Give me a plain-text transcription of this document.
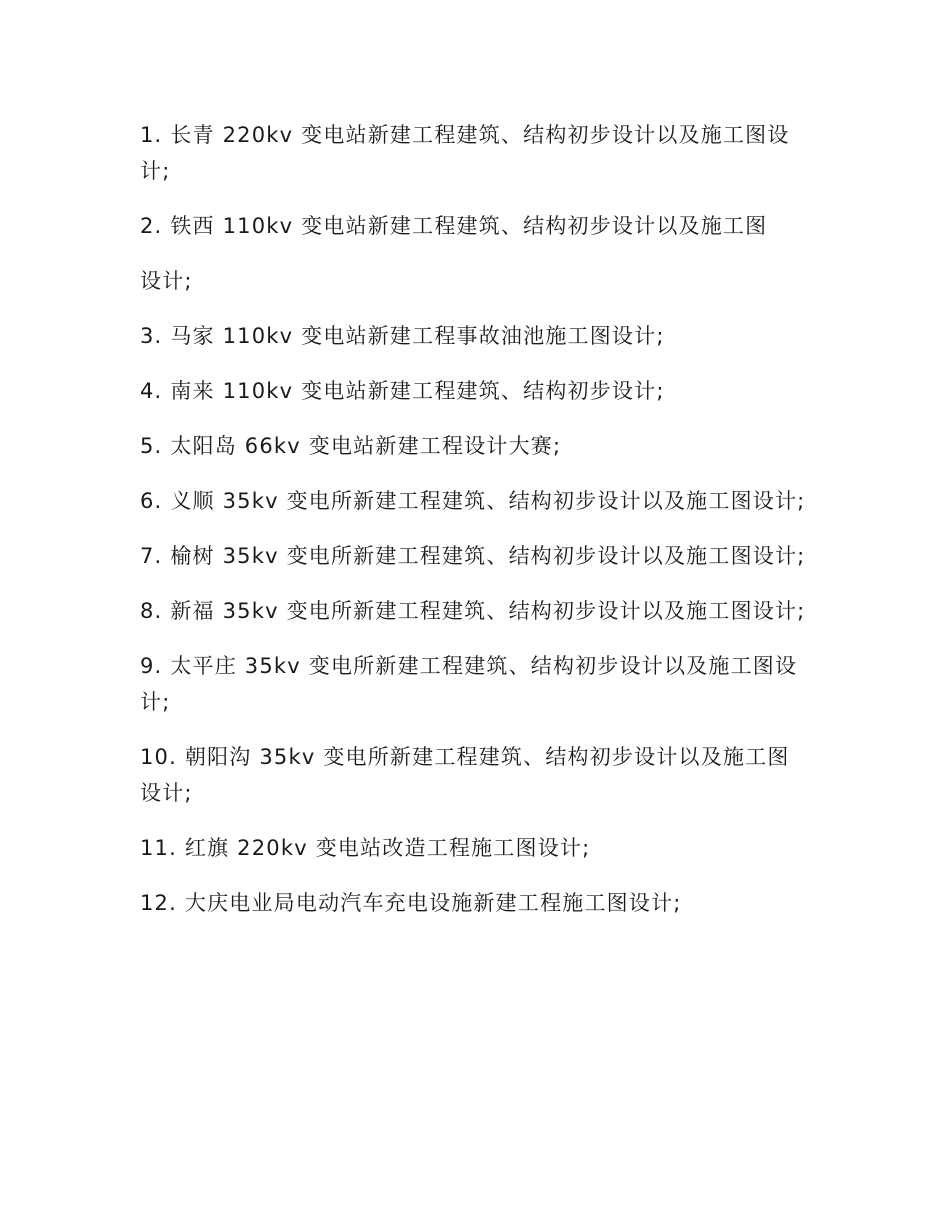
1. 长青 220kv 变电站新建工程建筑、结构初步设计以及施工图设计;

2. 铁西 110kv 变电站新建工程建筑、结构初步设计以及施工图

设计;

3. 马家 110kv 变电站新建工程事故油池施工图设计;

4. 南来 110kv 变电站新建工程建筑、结构初步设计;

5. 太阳岛 66kv 变电站新建工程设计大赛;

6. 义顺 35kv 变电所新建工程建筑、结构初步设计以及施工图设计;

7. 榆树 35kv 变电所新建工程建筑、结构初步设计以及施工图设计;

8. 新福 35kv 变电所新建工程建筑、结构初步设计以及施工图设计;

9. 太平庄 35kv 变电所新建工程建筑、结构初步设计以及施工图设计;

10. 朝阳沟 35kv 变电所新建工程建筑、结构初步设计以及施工图设计;

11. 红旗 220kv 变电站改造工程施工图设计;

12. 大庆电业局电动汽车充电设施新建工程施工图设计;
